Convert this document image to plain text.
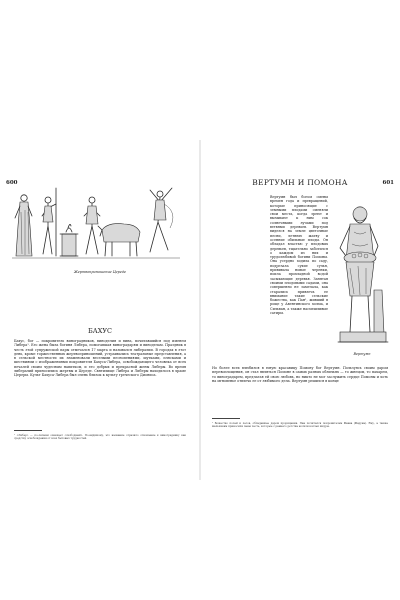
600
Жертвоприношение Цереде
БАХУС

Бахус, бог — покровитель виноградников, виноделия и вина, почитавшийся под именем Либера¹. Его жена была богиня Либера, помогавшая виноградарям и виноделам. Праздник в честь этой супружеской пары отмечался 17 марта и назывался либералии. В городах в этот день, кроме торжественных жертвоприношений, устраивались театральные представления, а в сельской местности их знаменовали веселыми песнопениями, шутками, плясками и шествиями с изображениями покровителя Бахуса-Либера, освобождающего человека от всех печалей своим чудесным напитком, и его добрых и прекрасной жены Либеры. Во время либералий приносились жертвы и Цереде. Святилище Либера и Либеры находилось в храме Цереры. Культ Бахуса-Либера был очень близок к культу греческого Диониса.

¹ «Либер» — по-латыни означает «свободный». По-видимому, это название отразило отношение к винограднику как средству освобождения от всех бытовых трудностей.

601
ВЕРТУМН И ПОМОНА

Вертумн был богом смены времен года и превращений, которые приносящие с земными плодами сменяли свои места, когда зреют и вызывают к ним сок солнечными лучами под ветвями деревьев. Вертумн виделся на земле цветочные песни, летнюю жатву и осенние обильные плоды. Он обладал властью у плодовых деревьев, тщательно заботился о каждом из них и трудолюбивой богини Помоны. Она усердно ходила по саду, подрезала сухие сучья, прививала новые черенки, поила прохладной водой засыхающие деревья. Занятая своими плодовыми садами, она совершенно не замечала, как старались привлечь ее внимание такие сельские божества, как Пан¹, живший в роще у Авентинского холма, и Сильван, а также насмешливые сатиры.

Вертумн

Но более всех влюбился в юную красавицу Помону бог Вертумн. Пользуясь своим даром перевоплощения, он стал являться Помоне в самых разных обличьях — то жнецом, то пахарем, то виноградарем, предлагая ей свою любовь, но никто не мог заслужить сердце Помоны и хоть на мгновенье отвлечь ее от любимого дела. Вертумн решился в конце

¹ Божество полей и лесов, обладавшее даром прорицания. Пан почитался покровителем Фавна (Фаруна). Ему, а также мальчикам приносили пены честь, которые с раннего детства носили волчьи шкуры.
